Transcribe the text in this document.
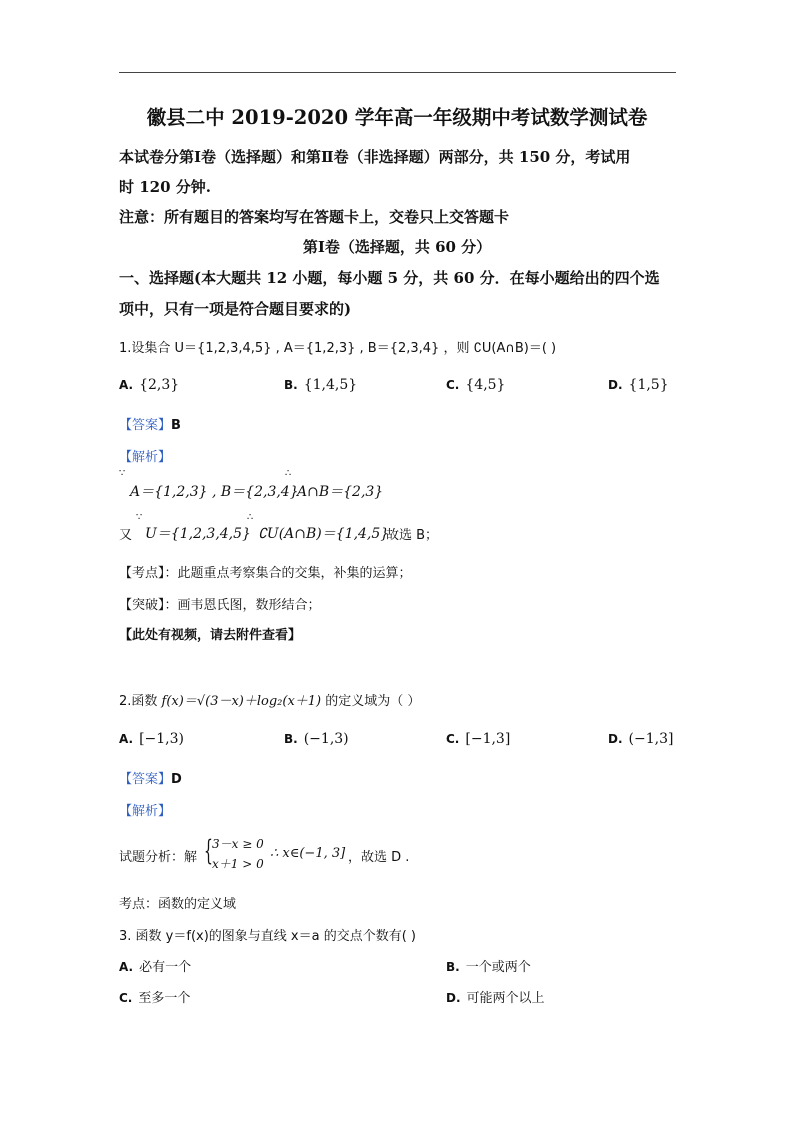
徽县二中 2019-2020 学年高一年级期中考试数学测试卷
本试卷分第Ⅰ卷（选择题）和第Ⅱ卷（非选择题）两部分，共 150 分，考试用
时 120 分钟.
注意：所有题目的答案均写在答题卡上，交卷只上交答题卡
第Ⅰ卷（选择题，共 60 分）
一、选择题(本大题共 12 小题，每小题 5 分，共 60 分．在每小题给出的四个选
项中，只有一项是符合题目要求的)
1.设集合 U＝{1,2,3,4,5} , A＝{1,2,3} , B＝{2,3,4} ，则 ∁U(A∩B)＝( )
A. {2,3}	B. {1,4,5}	C. {4,5}	D. {1,5}
【答案】B
【解析】
∵
A＝{1,2,3} , B＝{2,3,4}
∴
A∩B＝{2,3}
又
∵
U＝{1,2,3,4,5}
∴
∁U(A∩B)＝{1,4,5}
故选 B；
【考点】：此题重点考察集合的交集，补集的运算；
【突破】：画韦恩氏图，数形结合；
【此处有视频，请去附件查看】
2.函数 f(x)＝√(3－x)＋log₂(x＋1) 的定义域为（ ）
A. [−1,3)	B. (−1,3)	C. [−1,3]	D. (−1,3]
【答案】D
【解析】
试题分析：解 { 3－x ≥ 0
x＋1 > 0
∴ x∈(−1, 3] ，故选 D .
考点：函数的定义域
3. 函数 y＝f(x)的图象与直线 x＝a 的交点个数有( )
A. 必有一个	B. 一个或两个
C. 至多一个	D. 可能两个以上
